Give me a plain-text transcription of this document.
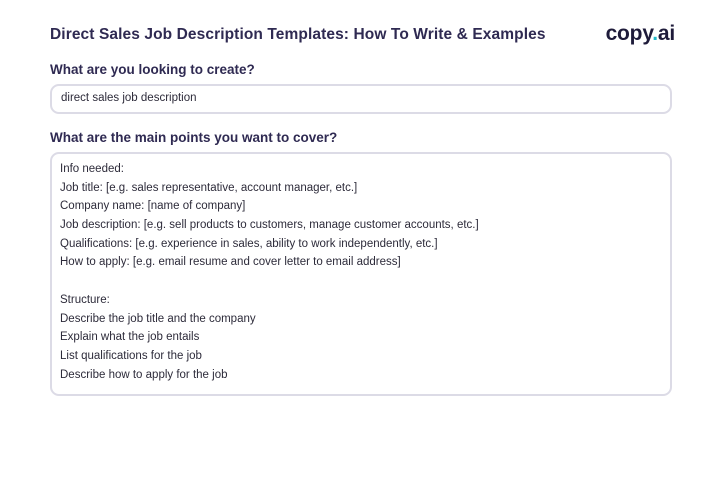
Direct Sales Job Description Templates: How To Write & Examples	copy.ai
What are you looking to create?
direct sales job description
What are the main points you want to cover?
Info needed:
Job title: [e.g. sales representative, account manager, etc.]
Company name: [name of company]
Job description: [e.g. sell products to customers, manage customer accounts, etc.]
Qualifications: [e.g. experience in sales, ability to work independently, etc.]
How to apply: [e.g. email resume and cover letter to email address]
Structure:
Describe the job title and the company
Explain what the job entails
List qualifications for the job
Describe how to apply for the job
